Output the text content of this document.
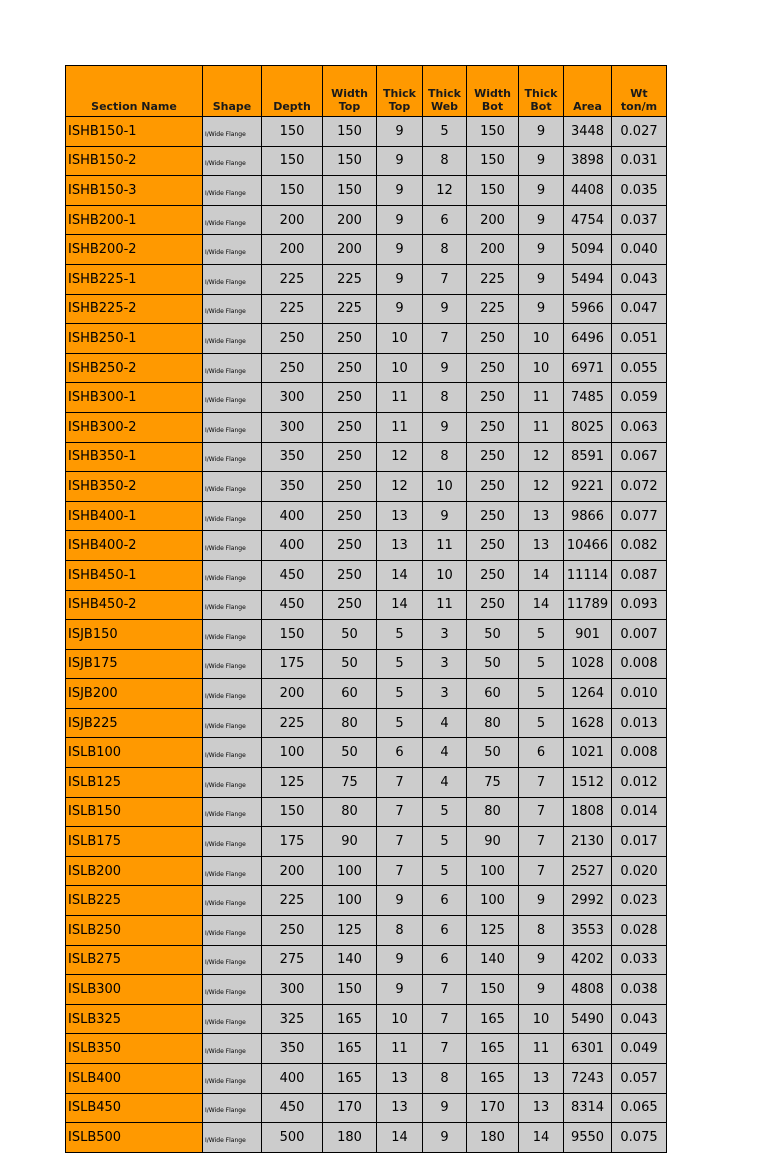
Section Name	Shape	Depth	Width Top	Thick Top	Thick Web	Width Bot	Thick Bot	Area	Wt ton/m
ISHB150-1	I/Wide Flange	150	150	9	5	150	9	3448	0.027
ISHB150-2	I/Wide Flange	150	150	9	8	150	9	3898	0.031
ISHB150-3	I/Wide Flange	150	150	9	12	150	9	4408	0.035
ISHB200-1	I/Wide Flange	200	200	9	6	200	9	4754	0.037
ISHB200-2	I/Wide Flange	200	200	9	8	200	9	5094	0.040
ISHB225-1	I/Wide Flange	225	225	9	7	225	9	5494	0.043
ISHB225-2	I/Wide Flange	225	225	9	9	225	9	5966	0.047
ISHB250-1	I/Wide Flange	250	250	10	7	250	10	6496	0.051
ISHB250-2	I/Wide Flange	250	250	10	9	250	10	6971	0.055
ISHB300-1	I/Wide Flange	300	250	11	8	250	11	7485	0.059
ISHB300-2	I/Wide Flange	300	250	11	9	250	11	8025	0.063
ISHB350-1	I/Wide Flange	350	250	12	8	250	12	8591	0.067
ISHB350-2	I/Wide Flange	350	250	12	10	250	12	9221	0.072
ISHB400-1	I/Wide Flange	400	250	13	9	250	13	9866	0.077
ISHB400-2	I/Wide Flange	400	250	13	11	250	13	10466	0.082
ISHB450-1	I/Wide Flange	450	250	14	10	250	14	11114	0.087
ISHB450-2	I/Wide Flange	450	250	14	11	250	14	11789	0.093
ISJB150	I/Wide Flange	150	50	5	3	50	5	901	0.007
ISJB175	I/Wide Flange	175	50	5	3	50	5	1028	0.008
ISJB200	I/Wide Flange	200	60	5	3	60	5	1264	0.010
ISJB225	I/Wide Flange	225	80	5	4	80	5	1628	0.013
ISLB100	I/Wide Flange	100	50	6	4	50	6	1021	0.008
ISLB125	I/Wide Flange	125	75	7	4	75	7	1512	0.012
ISLB150	I/Wide Flange	150	80	7	5	80	7	1808	0.014
ISLB175	I/Wide Flange	175	90	7	5	90	7	2130	0.017
ISLB200	I/Wide Flange	200	100	7	5	100	7	2527	0.020
ISLB225	I/Wide Flange	225	100	9	6	100	9	2992	0.023
ISLB250	I/Wide Flange	250	125	8	6	125	8	3553	0.028
ISLB275	I/Wide Flange	275	140	9	6	140	9	4202	0.033
ISLB300	I/Wide Flange	300	150	9	7	150	9	4808	0.038
ISLB325	I/Wide Flange	325	165	10	7	165	10	5490	0.043
ISLB350	I/Wide Flange	350	165	11	7	165	11	6301	0.049
ISLB400	I/Wide Flange	400	165	13	8	165	13	7243	0.057
ISLB450	I/Wide Flange	450	170	13	9	170	13	8314	0.065
ISLB500	I/Wide Flange	500	180	14	9	180	14	9550	0.075
